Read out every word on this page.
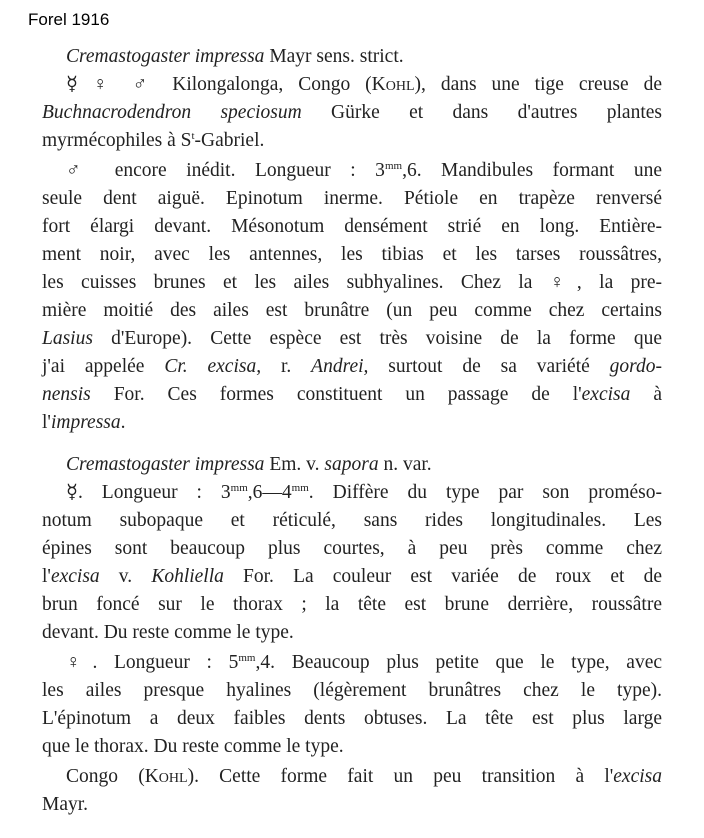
Forel 1916
Cremastogaster impressa Mayr sens. strict.
☿ ♀ ♂ Kilongalonga, Congo (Kohl), dans une tige creuse de
Buchnacrodendron speciosum Gürke et dans d'autres plantes
myrmécophiles à $S^t$-Gabriel.
♂ encore inédit. Longueur : $3^{mm},6$. Mandibules formant une
seule dent aiguë. Epinotum inerme. Pétiole en trapèze renversé
fort élargi devant. Mésonotum densément strié en long. Entière-
ment noir, avec les antennes, les tibias et les tarses roussâtres,
les cuisses brunes et les ailes subhyalines. Chez la ♀, la pre-
mière moitié des ailes est brunâtre (un peu comme chez certains
Lasius d'Europe). Cette espèce est très voisine de la forme que
j'ai appelée Cr. excisa, r. Andrei, surtout de sa variété gordo-
nensis For. Ces formes constituent un passage de l'excisa à
l'impressa.
Cremastogaster impressa Em. v. sapora n. var.
☿. Longueur : $3^{mm},6—4^{mm}$. Diffère du type par son proméso-
notum subopaque et réticulé, sans rides longitudinales. Les
épines sont beaucoup plus courtes, à peu près comme chez
l'excisa v. Kohliella For. La couleur est variée de roux et de
brun foncé sur le thorax ; la tête est brune derrière, roussâtre
devant. Du reste comme le type.
♀. Longueur : $5^{mm},4$. Beaucoup plus petite que le type, avec
les ailes presque hyalines (légèrement brunâtres chez le type).
L'épinotum a deux faibles dents obtuses. La tête est plus large
que le thorax. Du reste comme le type.
Congo (Kohl). Cette forme fait un peu transition à l'excisa
Mayr.
